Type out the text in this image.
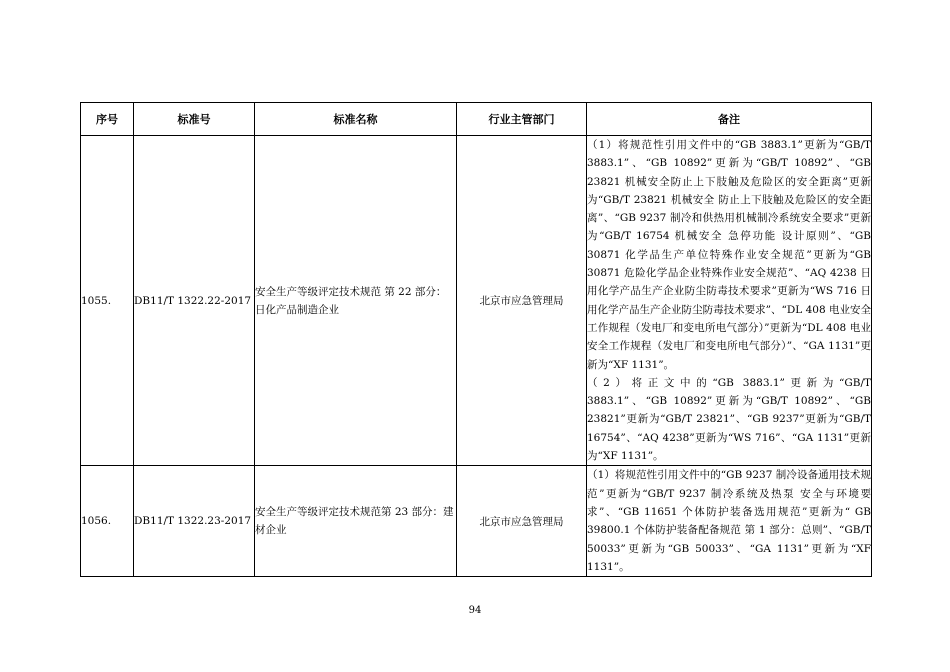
序号	标准号	标准名称	行业主管部门	备注
1055.	DB11/T 1322.22-2017	安全生产等级评定技术规范 第 22 部分：日化产品制造企业	北京市应急管理局	（1）将规范性引用文件中的“GB 3883.1”更新为“GB/T 3883.1”、“GB 10892”更新为“GB/T 10892”、“GB 23821 机械安全防止上下肢触及危险区的安全距离”更新为“GB/T 23821 机械安全 防止上下肢触及危险区的安全距离”、“GB 9237 制冷和供热用机械制冷系统安全要求”更新为“GB/T 16754 机械安全 急停功能 设计原则”、“GB 30871 化学品生产单位特殊作业安全规范”更新为“GB 30871 危险化学品企业特殊作业安全规范”、“AQ 4238 日用化学产品生产企业防尘防毒技术要求”更新为“WS 716 日用化学产品生产企业防尘防毒技术要求”、“DL 408 电业安全工作规程（发电厂和变电所电气部分）”更新为“DL 408 电业安全工作规程（发电厂和变电所电气部分）”、“GA 1131”更新为“XF 1131”。
（2）将正文中的“GB 3883.1”更新为“GB/T 3883.1”、“GB 10892”更新为“GB/T 10892”、“GB 23821”更新为“GB/T 23821”、“GB 9237”更新为“GB/T 16754”、“AQ 4238”更新为“WS 716”、“GA 1131”更新为“XF 1131”。

1056.	DB11/T 1322.23-2017	安全生产等级评定技术规范第 23 部分：建材企业	北京市应急管理局	（1）将规范性引用文件中的“GB 9237 制冷设备通用技术规范”更新为“GB/T 9237 制冷系统及热泵 安全与环境要求”、“GB 11651 个体防护装备选用规范”更新为“ GB 39800.1 个体防护装备配备规范 第 1 部分：总则”、“GB/T 50033”更新为“GB 50033”、“GA 1131”更新为“XF 1131”。
94
